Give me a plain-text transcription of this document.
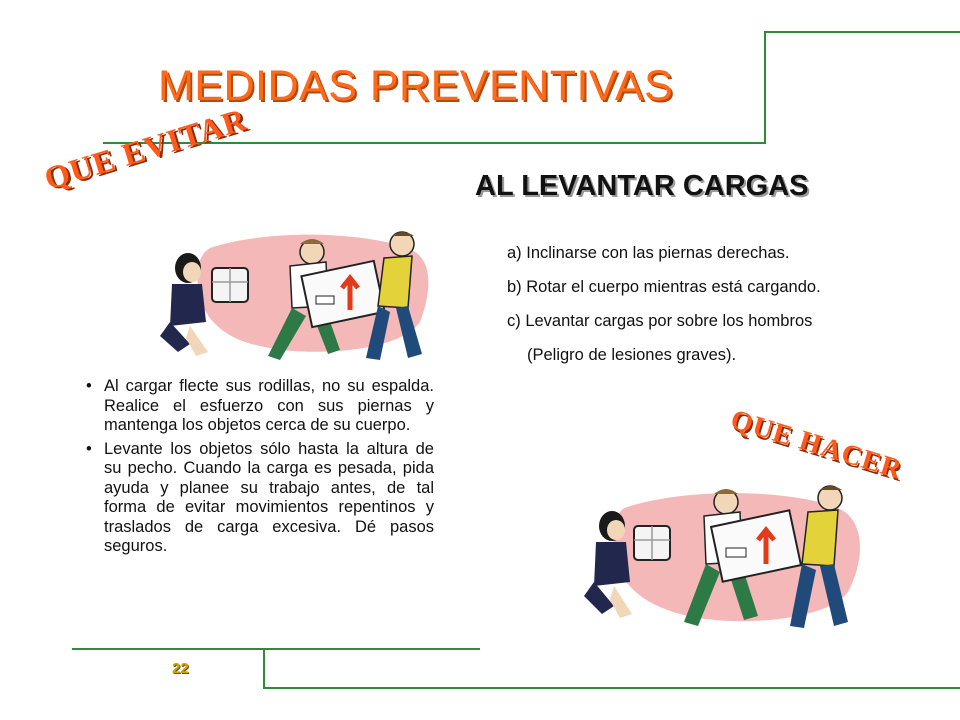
MEDIDAS PREVENTIVAS
QUE EVITAR
QUE HACER
AL LEVANTAR CARGAS
a) Inclinarse con las piernas derechas.
b) Rotar el cuerpo mientras está cargando.
c) Levantar cargas por sobre los hombros
(Peligro de lesiones graves).
• Al cargar flecte sus rodillas, no su espalda. Realice el esfuerzo con sus piernas y mantenga los objetos cerca de su cuerpo.
• Levante los objetos sólo hasta la altura de su pecho. Cuando la carga es pesada, pida ayuda y planee su trabajo antes, de tal forma de evitar movimientos repentinos y traslados de carga excesiva. Dé pasos seguros.
22
